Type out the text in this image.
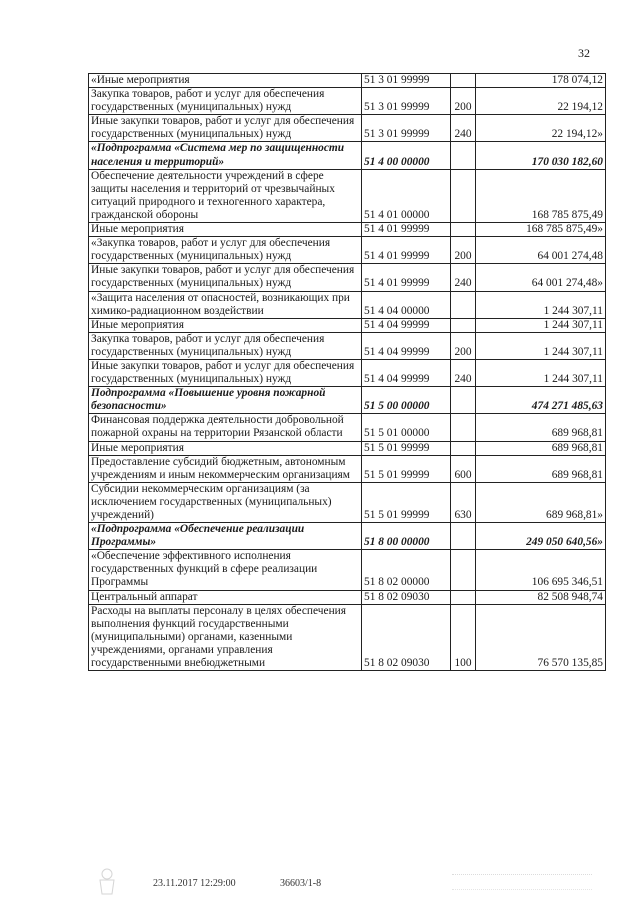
32
«Иные мероприятия	51 3 01 99999		178 074,12
Закупка товаров, работ и услуг для обеспечения государственных (муниципальных) нужд	51 3 01 99999	200	22 194,12
Иные закупки товаров, работ и услуг для обеспечения государственных (муниципальных) нужд	51 3 01 99999	240	22 194,12»
«Подпрограмма «Система мер по защищенности населения и территорий»	51 4 00 00000		170 030 182,60
Обеспечение деятельности учреждений в сфере защиты населения и территорий от чрезвычайных ситуаций природного и техногенного характера, гражданской обороны	51 4 01 00000		168 785 875,49
Иные мероприятия	51 4 01 99999		168 785 875,49»
«Закупка товаров, работ и услуг для обеспечения государственных (муниципальных) нужд	51 4 01 99999	200	64 001 274,48
Иные закупки товаров, работ и услуг для обеспечения государственных (муниципальных) нужд	51 4 01 99999	240	64 001 274,48»
«Защита населения от опасностей, возникающих при химико-радиационном воздействии	51 4 04 00000		1 244 307,11
Иные мероприятия	51 4 04 99999		1 244 307,11
Закупка товаров, работ и услуг для обеспечения государственных (муниципальных) нужд	51 4 04 99999	200	1 244 307,11
Иные закупки товаров, работ и услуг для обеспечения государственных (муниципальных) нужд	51 4 04 99999	240	1 244 307,11
Подпрограмма «Повышение уровня пожарной безопасности»	51 5 00 00000		474 271 485,63
Финансовая поддержка деятельности добровольной пожарной охраны на территории Рязанской области	51 5 01 00000		689 968,81
Иные мероприятия	51 5 01 99999		689 968,81
Предоставление субсидий бюджетным, автономным учреждениям и иным некоммерческим организациям	51 5 01 99999	600	689 968,81
Субсидии некоммерческим организациям (за исключением государственных (муниципальных) учреждений)	51 5 01 99999	630	689 968,81»
«Подпрограмма «Обеспечение реализации Программы»	51 8 00 00000		249 050 640,56»
«Обеспечение эффективного исполнения государственных функций в сфере реализации Программы	51 8 02 00000		106 695 346,51
Центральный аппарат	51 8 02 09030		82 508 948,74
Расходы на выплаты персоналу в целях обеспечения выполнения функций государственными (муниципальными) органами, казенными учреждениями, органами управления государственными внебюджетными	51 8 02 09030	100	76 570 135,85
23.11.2017 12:29:00	36603/1-8
